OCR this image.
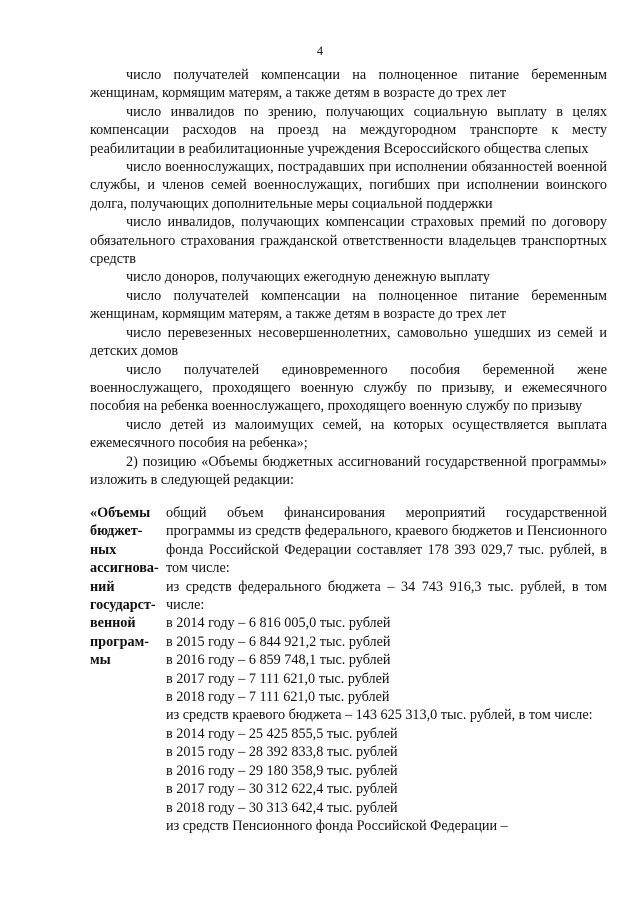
4

число получателей компенсации на полноценное питание беременным женщинам, кормящим матерям, а также детям в возрасте до трех лет

число инвалидов по зрению, получающих социальную выплату в целях компенсации расходов на проезд на междугородном транспорте к месту реабилитации в реабилитационные учреждения Всероссийского общества слепых

число военнослужащих, пострадавших при исполнении обязанностей военной службы, и членов семей военнослужащих, погибших при исполнении воинского долга, получающих дополнительные меры социальной поддержки

число инвалидов, получающих компенсации страховых премий по договору обязательного страхования гражданской ответственности владельцев транспортных средств

число доноров, получающих ежегодную денежную выплату

число получателей компенсации на полноценное питание беременным женщинам, кормящим матерям, а также детям в возрасте до трех лет

число перевезенных несовершеннолетних, самовольно ушедших из семей и детских домов

число получателей единовременного пособия беременной жене военнослужащего, проходящего военную службу по призыву, и ежемесячного пособия на ребенка военнослужащего, проходящего военную службу по призыву

число детей из малоимущих семей, на которых осуществляется выплата ежемесячного пособия на ребенка»;

2) позицию «Объемы бюджетных ассигнований государственной программы» изложить в следующей редакции:

«Объемы бюджет-ных ассигнова-ний государст-венной програм-мы

общий объем финансирования мероприятий государственной программы из средств федерального, краевого бюджетов и Пенсионного фонда Российской Федерации составляет 178 393 029,7 тыс. рублей, в том числе:

из средств федерального бюджета – 34 743 916,3 тыс. рублей, в том числе:

в 2014 году – 6 816 005,0 тыс. рублей

в 2015 году – 6 844 921,2 тыс. рублей

в 2016 году – 6 859 748,1 тыс. рублей

в 2017 году – 7 111 621,0 тыс. рублей

в 2018 году – 7 111 621,0 тыс. рублей

из средств краевого бюджета – 143 625 313,0 тыс. рублей, в том числе:

в 2014 году – 25 425 855,5 тыс. рублей

в 2015 году – 28 392 833,8 тыс. рублей

в 2016 году – 29 180 358,9 тыс. рублей

в 2017 году – 30 312 622,4 тыс. рублей

в 2018 году – 30 313 642,4 тыс. рублей

из средств Пенсионного фонда Российской Федерации –
